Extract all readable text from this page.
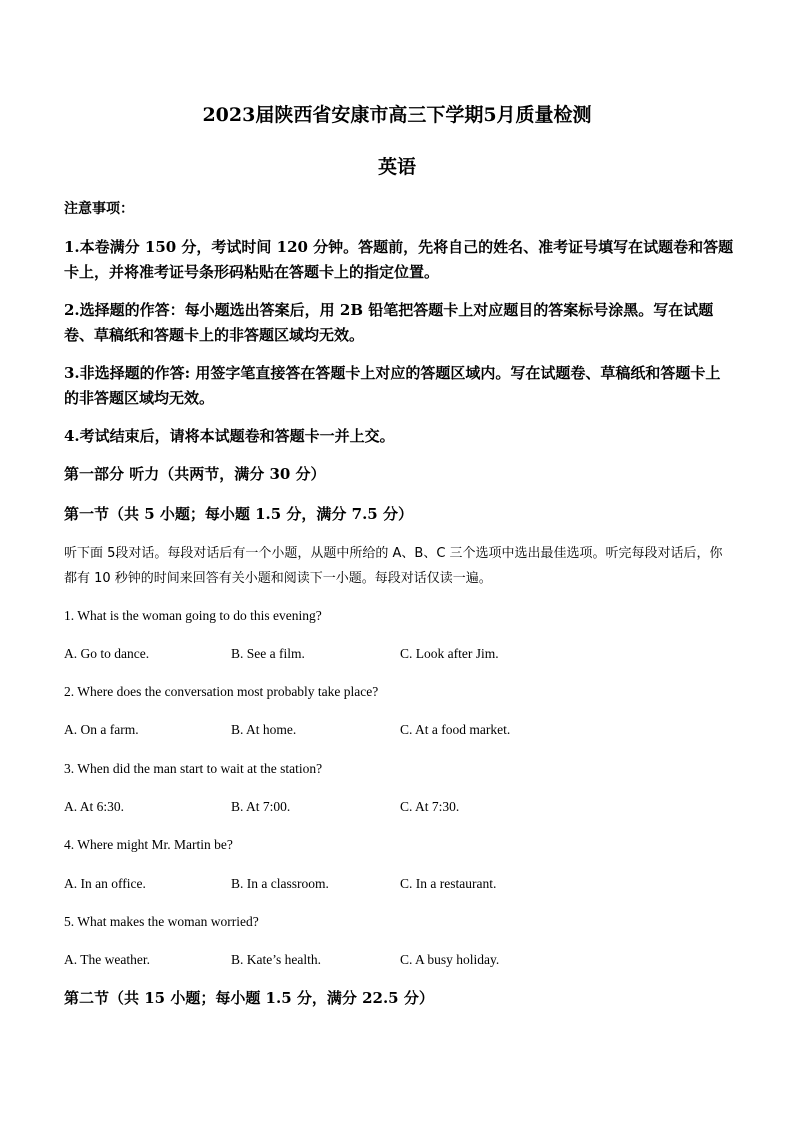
2023届陕西省安康市高三下学期5月质量检测
英语
注意事项：
1.本卷满分 150 分，考试时间 120 分钟。答题前，先将自己的姓名、准考证号填写在试题卷和答题卡上，并将准考证号条形码粘贴在答题卡上的指定位置。
2.选择题的作答：每小题选出答案后，用 2B 铅笔把答题卡上对应题目的答案标号涂黑。写在试题卷、草稿纸和答题卡上的非答题区域均无效。
3.非选择题的作答: 用签字笔直接答在答题卡上对应的答题区域内。写在试题卷、草稿纸和答题卡上的非答题区域均无效。
4.考试结束后，请将本试题卷和答题卡一并上交。
第一部分 听力（共两节，满分 30 分）
第一节（共 5 小题；每小题 1.5 分，满分 7.5 分）
听下面 5段对话。每段对话后有一个小题，从题中所给的 A、B、C 三个选项中选出最佳选项。听完每段对话后，你都有 10 秒钟的时间来回答有关小题和阅读下一小题。每段对话仅读一遍。
1. What is the woman going to do this evening?
A. Go to dance.	B. See a film.	C. Look after Jim.
2. Where does the conversation most probably take place?
A. On a farm.	B. At home.	C. At a food market.
3. When did the man start to wait at the station?
A. At 6:30.	B. At 7:00.	C. At 7:30.
4. Where might Mr. Martin be?
A. In an office.	B. In a classroom.	C. In a restaurant.
5. What makes the woman worried?
A. The weather.	B. Kate’s health.	C. A busy holiday.
第二节（共 15 小题；每小题 1.5 分，满分 22.5 分）
